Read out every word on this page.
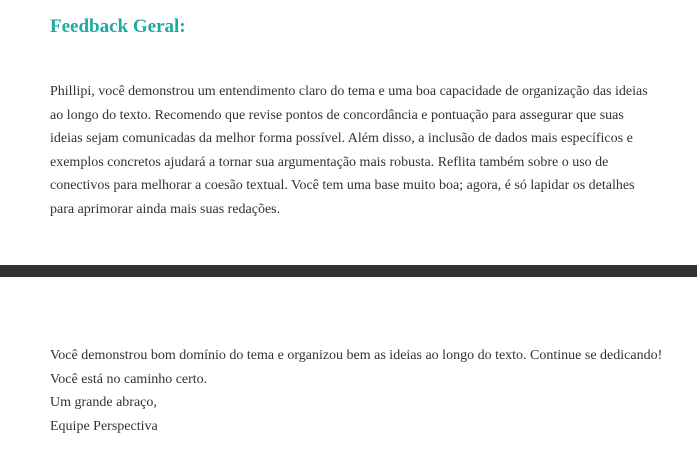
Feedback Geral:

Phillipi, você demonstrou um entendimento claro do tema e uma boa capacidade de organização das ideias ao longo do texto. Recomendo que revise pontos de concordância e pontuação para assegurar que suas ideias sejam comunicadas da melhor forma possível. Além disso, a inclusão de dados mais específicos e exemplos concretos ajudará a tornar sua argumentação mais robusta. Reflita também sobre o uso de conectivos para melhorar a coesão textual. Você tem uma base muito boa; agora, é só lapidar os detalhes para aprimorar ainda mais suas redações.

Você demonstrou bom domínio do tema e organizou bem as ideias ao longo do texto. Continue se dedicando! Você está no caminho certo.

Um grande abraço,

Equipe Perspectiva
